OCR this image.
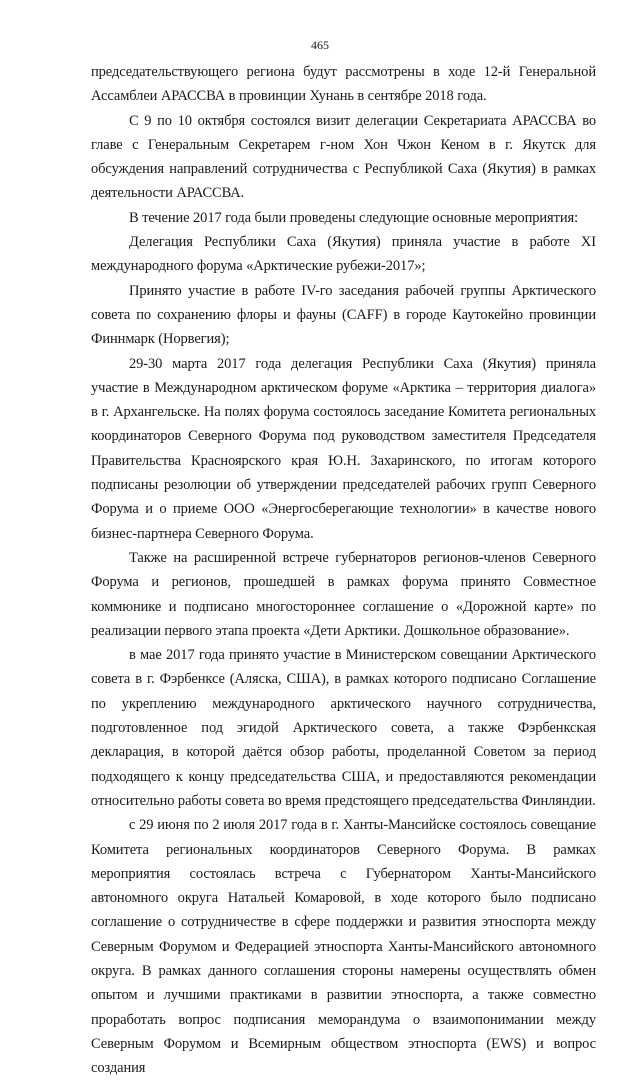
465

председательствующего региона будут рассмотрены в ходе 12-й Генеральной Ассамблеи АРАССВА в провинции Хунань в сентябре 2018 года.

С 9 по 10 октября состоялся визит делегации Секретариата АРАССВА во главе с Генеральным Секретарем г-ном Хон Чжон Кеном в г. Якутск для обсуждения направлений сотрудничества с Республикой Саха (Якутия) в рамках деятельности АРАССВА.

В течение 2017 года были проведены следующие основные мероприятия:

Делегация Республики Саха (Якутия) приняла участие в работе XI международного форума «Арктические рубежи-2017»;

Принято участие в работе IV-го заседания рабочей группы Арктического совета по сохранению флоры и фауны (CAFF) в городе Каутокейно провинции Финнмарк (Норвегия);

29-30 марта 2017 года делегация Республики Саха (Якутия) приняла участие в Международном арктическом форуме «Арктика – территория диалога» в г. Архангельске. На полях форума состоялось заседание Комитета региональных координаторов Северного Форума под руководством заместителя Председателя Правительства Красноярского края Ю.Н. Захаринского, по итогам которого подписаны резолюции об утверждении председателей рабочих групп Северного Форума и о приеме ООО «Энергосберегающие технологии» в качестве нового бизнес-партнера Северного Форума.

Также на расширенной встрече губернаторов регионов-членов Северного Форума и регионов, прошедшей в рамках форума принято Совместное коммюнике и подписано многостороннее соглашение о «Дорожной карте» по реализации первого этапа проекта «Дети Арктики. Дошкольное образование».

в мае 2017 года принято участие в Министерском совещании Арктического совета в г. Фэрбенксе (Аляска, США), в рамках которого подписано Соглашение по укреплению международного арктического научного сотрудничества, подготовленное под эгидой Арктического совета, а также Фэрбенкская декларация, в которой даётся обзор работы, проделанной Советом за период подходящего к концу председательства США, и предоставляются рекомендации относительно работы совета во время предстоящего председательства Финляндии.

с 29 июня по 2 июля 2017 года в г. Ханты-Мансийске состоялось совещание Комитета региональных координаторов Северного Форума. В рамках мероприятия состоялась встреча с Губернатором Ханты-Мансийского автономного округа Натальей Комаровой, в ходе которого было подписано соглашение о сотрудничестве в сфере поддержки и развития этноспорта между Северным Форумом и Федерацией этноспорта Ханты-Мансийского автономного округа. В рамках данного соглашения стороны намерены осуществлять обмен опытом и лучшими практиками в развитии этноспорта, а также совместно проработать вопрос подписания меморандума о взаимопонимании между Северным Форумом и Всемирным обществом этноспорта (EWS) и вопрос создания
